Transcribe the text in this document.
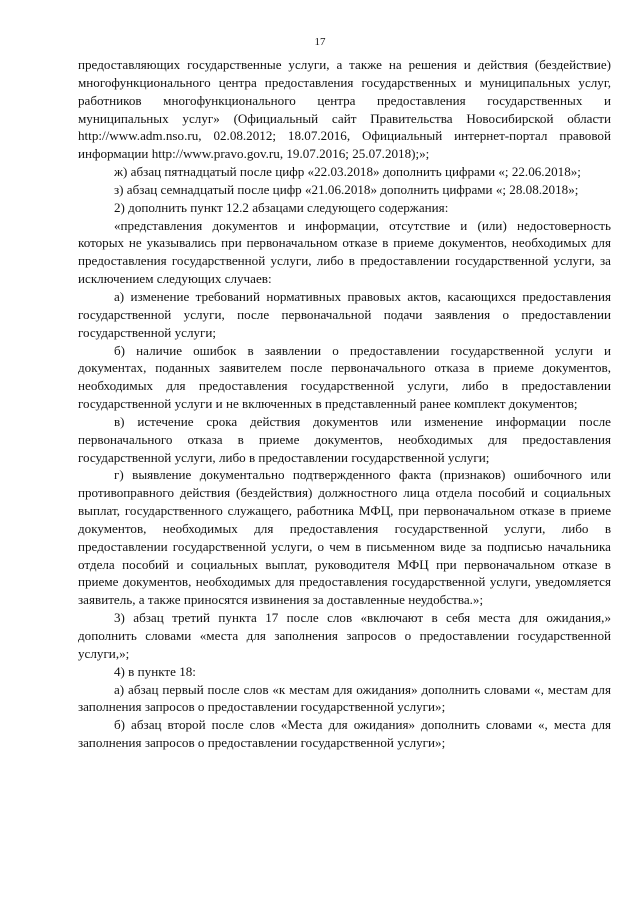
17

предоставляющих государственные услуги, а также на решения и действия (бездействие) многофункционального центра предоставления государственных и муниципальных услуг, работников многофункционального центра предоставления государственных и муниципальных услуг» (Официальный сайт Правительства Новосибирской области http://www.adm.nso.ru, 02.08.2012; 18.07.2016, Официальный интернет-портал правовой информации http://www.pravo.gov.ru, 19.07.2016; 25.07.2018);»;

ж) абзац пятнадцатый после цифр «22.03.2018» дополнить цифрами «; 22.06.2018»;

з) абзац семнадцатый после цифр «21.06.2018» дополнить цифрами «; 28.08.2018»;

2) дополнить пункт 12.2 абзацами следующего содержания:

«представления документов и информации, отсутствие и (или) недостоверность которых не указывались при первоначальном отказе в приеме документов, необходимых для предоставления государственной услуги, либо в предоставлении государственной услуги, за исключением следующих случаев:

а) изменение требований нормативных правовых актов, касающихся предоставления государственной услуги, после первоначальной подачи заявления о предоставлении государственной услуги;

б) наличие ошибок в заявлении о предоставлении государственной услуги и документах, поданных заявителем после первоначального отказа в приеме документов, необходимых для предоставления государственной услуги, либо в предоставлении государственной услуги и не включенных в представленный ранее комплект документов;

в) истечение срока действия документов или изменение информации после первоначального отказа в приеме документов, необходимых для предоставления государственной услуги, либо в предоставлении государственной услуги;

г) выявление документально подтвержденного факта (признаков) ошибочного или противоправного действия (бездействия) должностного лица отдела пособий и социальных выплат, государственного служащего, работника МФЦ, при первоначальном отказе в приеме документов, необходимых для предоставления государственной услуги, либо в предоставлении государственной услуги, о чем в письменном виде за подписью начальника отдела пособий и социальных выплат, руководителя МФЦ при первоначальном отказе в приеме документов, необходимых для предоставления государственной услуги, уведомляется заявитель, а также приносятся извинения за доставленные неудобства.»;

3) абзац третий пункта 17 после слов «включают в себя места для ожидания,» дополнить словами «места для заполнения запросов о предоставлении государственной услуги,»;

4) в пункте 18:

а) абзац первый после слов «к местам для ожидания» дополнить словами «, местам для заполнения запросов о предоставлении государственной услуги»;

б) абзац второй после слов «Места для ожидания» дополнить словами «, места для заполнения запросов о предоставлении государственной услуги»;
